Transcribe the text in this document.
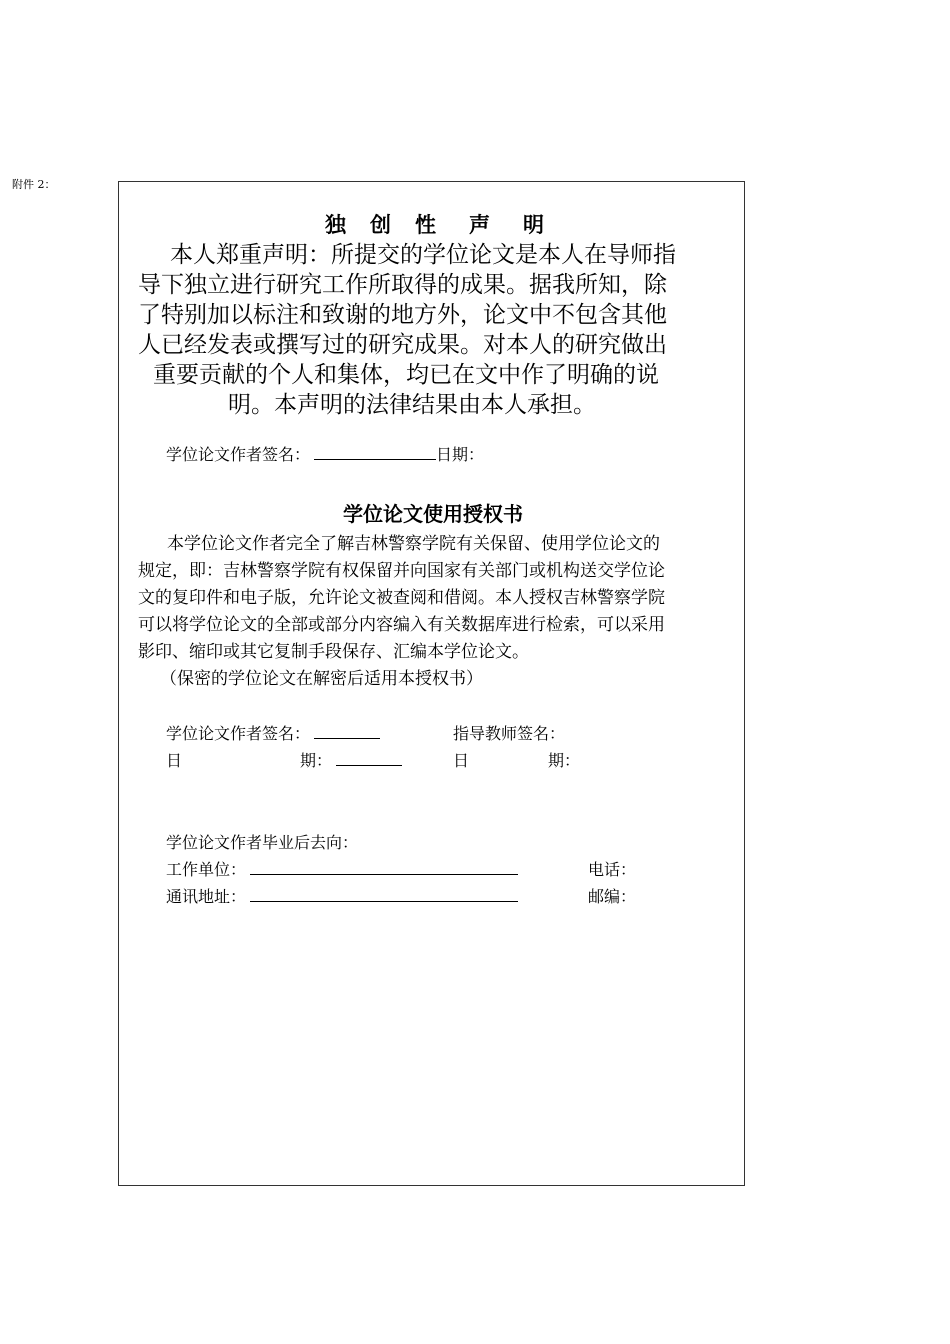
附件 2：
独 创 性 声 明
本人郑重声明：所提交的学位论文是本人在导师指
导下独立进行研究工作所取得的成果。据我所知，除
了特别加以标注和致谢的地方外，论文中不包含其他
人已经发表或撰写过的研究成果。对本人的研究做出
重要贡献的个人和集体，均已在文中作了明确的说
明。本声明的法律结果由本人承担。
学位论文作者签名：	日期：
学位论文使用授权书
本学位论文作者完全了解吉林警察学院有关保留、使用学位论文的
规定，即：吉林警察学院有权保留并向国家有关部门或机构送交学位论
文的复印件和电子版，允许论文被查阅和借阅。本人授权吉林警察学院
可以将学位论文的全部或部分内容编入有关数据库进行检索，可以采用
影印、缩印或其它复制手段保存、汇编本学位论文。
（保密的学位论文在解密后适用本授权书）
学位论文作者签名：	指导教师签名：
日	期：	日	期：
学位论文作者毕业后去向：
工作单位：	电话：
通讯地址：	邮编：
